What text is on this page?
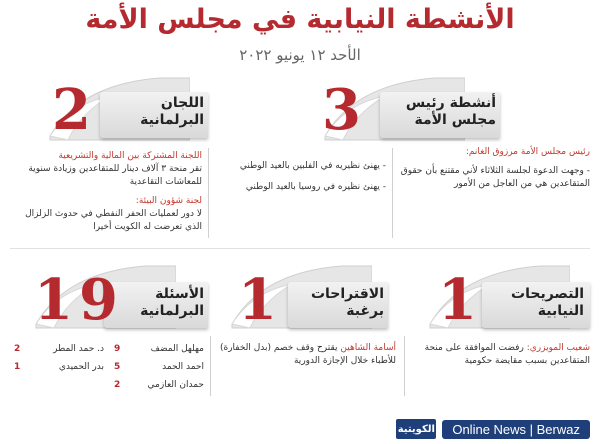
الأنشطة النيابية في مجلس الأمة
الأحد ١٢ يونيو ٢٠٢٢
3	أنشطة رئيس
مجلس الأمة
2	اللجان
البرلمانية
رئيس مجلس الأمة مرزوق الغانم:
- وجهت الدعوة لجلسة الثلاثاء لأني مقتنع بأن حقوق المتقاعدين هي من العاجل من الأمور
- يهنئ نظيريه في الفلبين بالعيد الوطني
- يهنئ نظيره في روسيا بالعيد الوطني
اللجنة المشتركة بين المالية والتشريعية
تقر منحة ٣ آلاف دينار للمتقاعدين وزيادة سنوية للمعاشات التقاعدية
لجنة شؤون البيئة:
لا دور لعمليات الحفر النفطي في حدوث الزلزال الذي تعرضت له الكويت أخيرا
1	التصريحات
النيابية
1	الاقتراحات
برغبة
19	الأسئلة
البرلمانية
شعيب المويزري: رفضت الموافقة على منحة المتقاعدين بسبب مقايضة حكومية
أسامة الشاهين يقترح وقف خصم (بدل الخفارة) للأطباء خلال الإجازة الدورية
مهلهل المضف
9
د. حمد المطر
2
احمد الحمد
5
بدر الحميدي
1
حمدان العازمي
2
الكويتية	Online News | Berwaz
